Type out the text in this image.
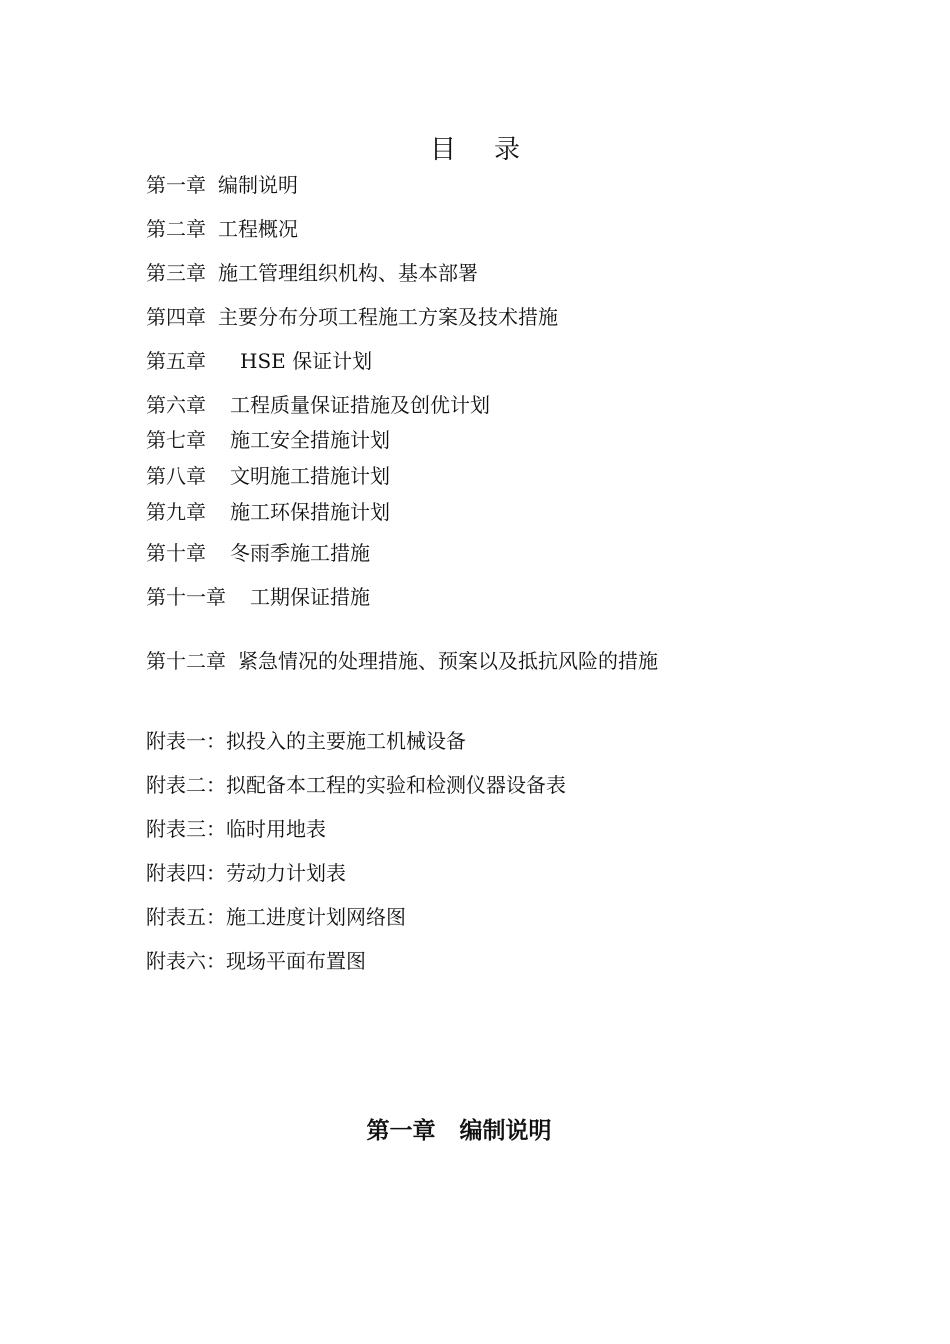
目录
第一章 编制说明
第二章 工程概况
第三章 施工管理组织机构、基本部署
第四章 主要分布分项工程施工方案及技术措施
第五章 HSE 保证计划
第六章 工程质量保证措施及创优计划
第七章 施工安全措施计划
第八章 文明施工措施计划
第九章 施工环保措施计划
第十章 冬雨季施工措施
第十一章 工期保证措施
第十二章 紧急情况的处理措施、预案以及抵抗风险的措施
附表一：拟投入的主要施工机械设备
附表二：拟配备本工程的实验和检测仪器设备表
附表三：临时用地表
附表四：劳动力计划表
附表五：施工进度计划网络图
附表六：现场平面布置图
第一章 编制说明
